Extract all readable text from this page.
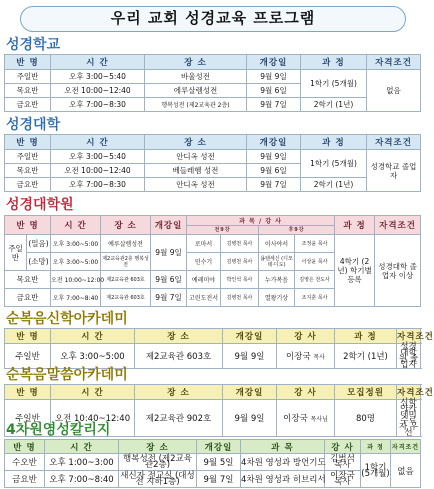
우리 교회 성경교육 프로그램
성경학교
반 명	시 간	장 소	개강일	과 정	자격조건
주일반	오후 3:00~5:40	바울성전	9월 9일	1학기 (5개월)	없음
목요반	오전 10:00~12:40	에루살렘성전	9월 6일		
금요반	오후 7:00~8:30	행복성전 (제2교육관 2층)	9월 7일	2학기 (1년)	
성경대학
반 명	시 간	장 소	개강일	과 정	자격조건
주일반	오후 3:00~5:40	안디옥 성전	9월 9일	1학기 (5개월)	성경학교 졸업자
목요반	오전 10:00~12:40	베들레헴 성전	9월 6일		
금요반	오후 7:00~8:30	안디옥 성전	9월 7일	2학기 (1년)	
성경대학원
반 명		시 간	장 소	개강일	과 목 / 강 사				과 정	자격조건
					전9강		후9강			
주일반	(밀음)	오후 3:00~5:00	예루살렘성전	9월 9일	로마서	김병천 목사	이사야서	조정윤 목사	4학기 (2년) 학기별 등록	성경대학 졸업자 이상
	(소망)	오후 3:00~5:00	제2교육관2층 행복성전		민수기	김병천 목사	욥텐세신 (디모데·디도)	이상윤 목사		
목요반		오전 10:00~12:00	제2교육관 603호	9월 6일	예레미야	박인석 목사	누가복음	김영은 전도사		
금요반		오후 7:00~8:40	제2교육관 603호	9월 7일	고린도전서	김병천 목사	열왕기상	조지훈 목사		
순복음신학아카데미
반 명	시 간	장 소	개강일	강 사	과 정	자격조건
주일반	오후 3:00~5:00	제2교육관 603호	9월 9일	이장국 목사	2학기 (1년)	성경대학원 졸업자
순복음말씀아카데미
반 명	시 간	장 소	개강일	강 사	모집정원	자격조건
주일반	오전 10:40~12:40	제2교육관 902호	9월 9일	이장국 목사님	80명	신학아카데미 수료자 우선
4차원영성칼리지
반 명	시 간	장 소	개강일	과 목	강 사	과 정	자격조건
수오반	오후 1:00~3:00	행복성전 (제2교육관2층)	9월 5일	4차원 영성과 방언기도	김범석 목사	1학기 (5개월)	없음
금요반	오후 7:00~8:40	새신자 전교실 (대성전 지하1층)	9월 7일	4차원 영성과 히브리서	이장국 목사		
